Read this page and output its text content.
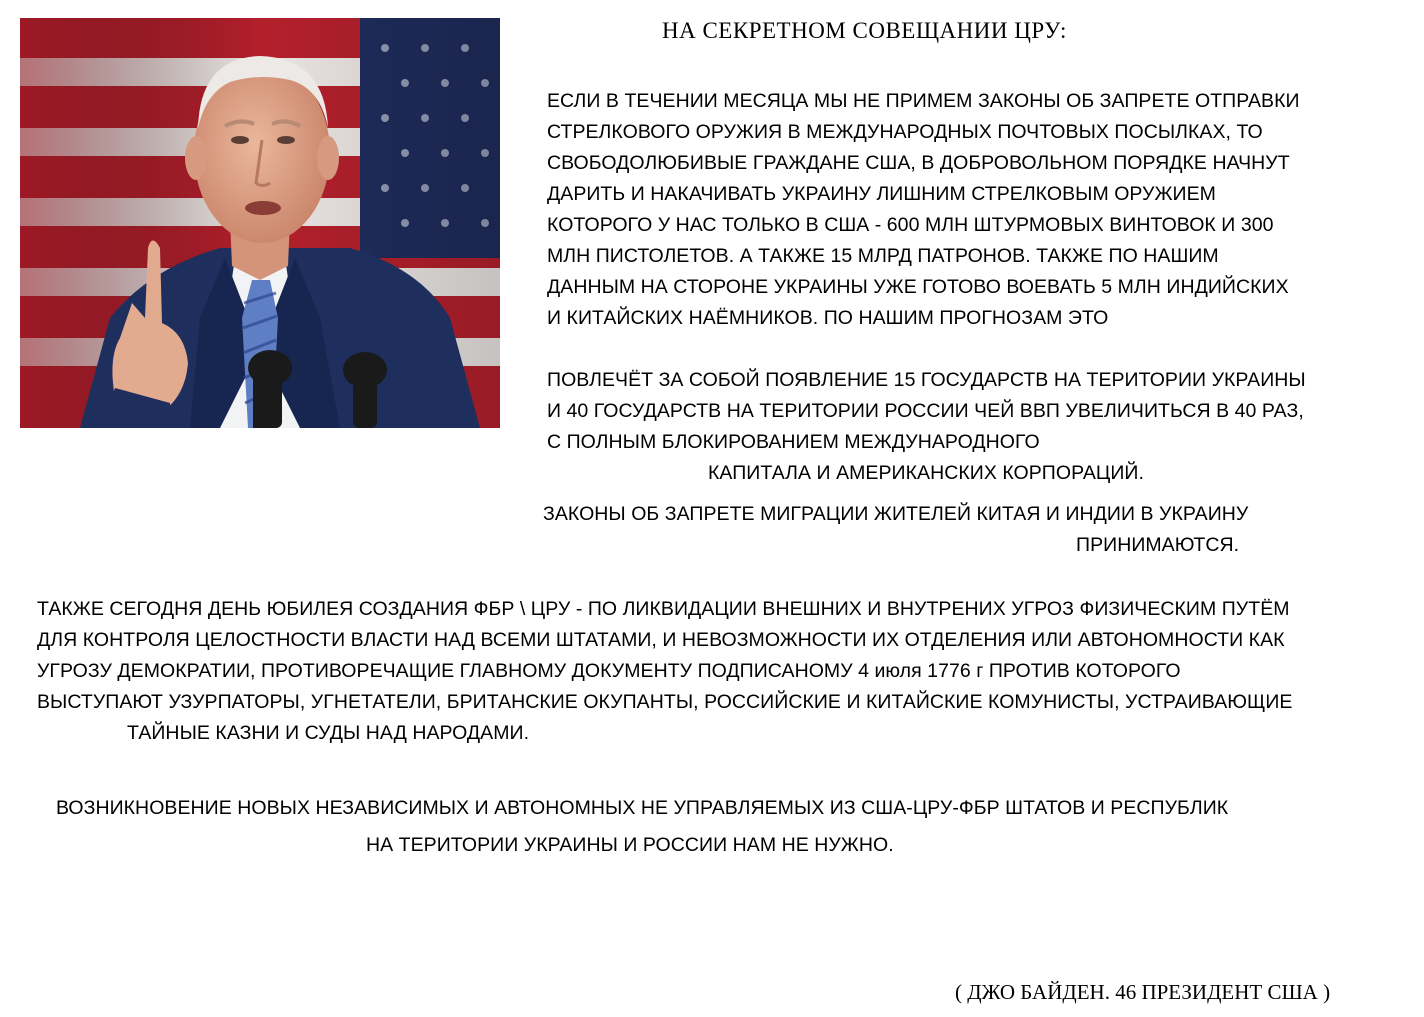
НА СЕКРЕТНОМ СОВЕЩАНИИ ЦРУ:
ЕСЛИ В ТЕЧЕНИИ МЕСЯЦА МЫ НЕ ПРИМЕМ ЗАКОНЫ ОБ ЗАПРЕТЕ ОТПРАВКИ
СТРЕЛКОВОГО ОРУЖИЯ В МЕЖДУНАРОДНЫХ ПОЧТОВЫХ ПОСЫЛКАХ, ТО
СВОБОДОЛЮБИВЫЕ ГРАЖДАНЕ США, В ДОБРОВОЛЬНОМ ПОРЯДКЕ НАЧНУТ
ДАРИТЬ И НАКАЧИВАТЬ УКРАИНУ ЛИШНИМ СТРЕЛКОВЫМ ОРУЖИЕМ
КОТОРОГО У НАС ТОЛЬКО В США - 600 МЛН ШТУРМОВЫХ ВИНТОВОК И 300
МЛН ПИСТОЛЕТОВ. А ТАКЖЕ 15 МЛРД ПАТРОНОВ. ТАКЖЕ ПО НАШИМ
ДАННЫМ НА СТОРОНЕ УКРАИНЫ УЖЕ ГОТОВО ВОЕВАТЬ 5 МЛН ИНДИЙСКИХ
И КИТАЙСКИХ НАЁМНИКОВ. ПО НАШИМ ПРОГНОЗАМ ЭТО
ПОВЛЕЧЁТ ЗА СОБОЙ ПОЯВЛЕНИЕ 15 ГОСУДАРСТВ НА ТЕРИТОРИИ УКРАИНЫ
И 40 ГОСУДАРСТВ НА ТЕРИТОРИИ РОССИИ ЧЕЙ ВВП УВЕЛИЧИТЬСЯ В 40 РАЗ,
С ПОЛНЫМ БЛОКИРОВАНИЕМ МЕЖДУНАРОДНОГО
КАПИТАЛА И АМЕРИКАНСКИХ КОРПОРАЦИЙ.
ЗАКОНЫ ОБ ЗАПРЕТЕ МИГРАЦИИ ЖИТЕЛЕЙ КИТАЯ И ИНДИИ В УКРАИНУ
ПРИНИМАЮТСЯ.
ТАКЖЕ СЕГОДНЯ ДЕНЬ ЮБИЛЕЯ СОЗДАНИЯ ФБР \ ЦРУ - ПО ЛИКВИДАЦИИ ВНЕШНИХ И ВНУТРЕНИХ УГРОЗ ФИЗИЧЕСКИМ ПУТЁМ
ДЛЯ КОНТРОЛЯ ЦЕЛОСТНОСТИ ВЛАСТИ НАД ВСЕМИ ШТАТАМИ, И НЕВОЗМОЖНОСТИ ИХ ОТДЕЛЕНИЯ ИЛИ АВТОНОМНОСТИ КАК
УГРОЗУ ДЕМОКРАТИИ, ПРОТИВОРЕЧАЩИЕ ГЛАВНОМУ ДОКУМЕНТУ ПОДПИСАНОМУ 4 июля 1776 г ПРОТИВ КОТОРОГО
ВЫСТУПАЮТ УЗУРПАТОРЫ, УГНЕТАТЕЛИ, БРИТАНСКИЕ ОКУПАНТЫ, РОССИЙСКИЕ И КИТАЙСКИЕ КОМУНИСТЫ, УСТРАИВАЮЩИЕ
ТАЙНЫЕ КАЗНИ И СУДЫ НАД НАРОДАМИ.
ВОЗНИКНОВЕНИЕ НОВЫХ НЕЗАВИСИМЫХ И АВТОНОМНЫХ НЕ УПРАВЛЯЕМЫХ ИЗ США-ЦРУ-ФБР ШТАТОВ И РЕСПУБЛИК
НА ТЕРИТОРИИ УКРАИНЫ И РОССИИ НАМ НЕ НУЖНО.
( ДЖО БАЙДЕН. 46 ПРЕЗИДЕНТ США )
